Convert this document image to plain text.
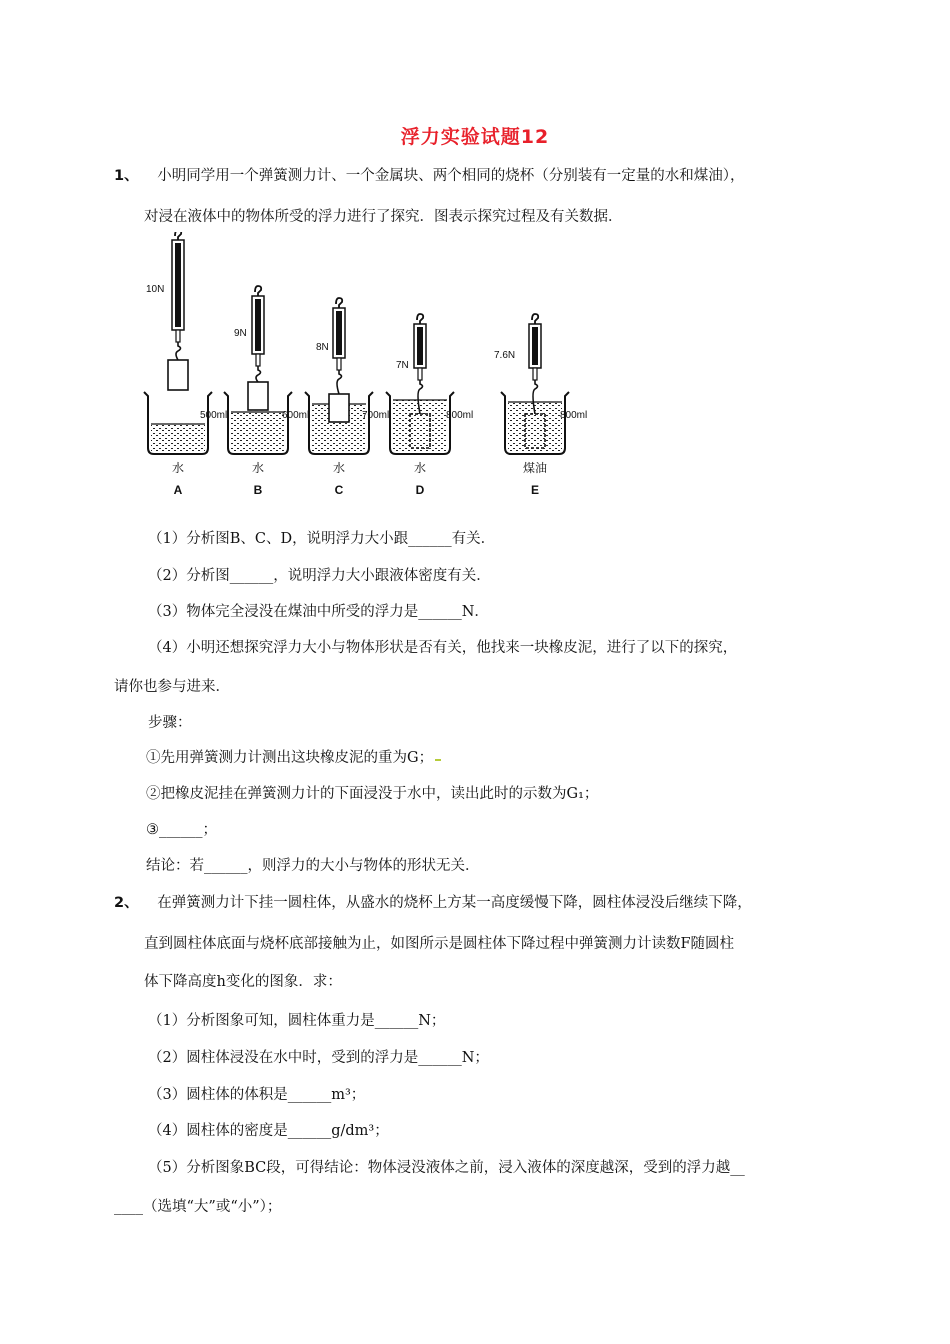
浮力实验试题12
1、 小明同学用一个弹簧测力计、一个金属块、两个相同的烧杯（分别装有一定量的水和煤油），
对浸在液体中的物体所受的浮力进行了探究．图表示探究过程及有关数据．
10N
500ml
水
A
9N
600ml
水
B
8N
700ml
水
C
7N
800ml
水
D
7.6N
800ml
煤油
E
（1）分析图B、C、D，说明浮力大小跟______有关．
（2）分析图______，说明浮力大小跟液体密度有关．
（3）物体完全浸没在煤油中所受的浮力是______N．
（4）小明还想探究浮力大小与物体形状是否有关，他找来一块橡皮泥，进行了以下的探究，
请你也参与进来．
步骤：
①先用弹簧测力计测出这块橡皮泥的重为G；
②把橡皮泥挂在弹簧测力计的下面浸没于水中，读出此时的示数为G₁；
③______；
结论：若______，则浮力的大小与物体的形状无关．
2、 在弹簧测力计下挂一圆柱体，从盛水的烧杯上方某一高度缓慢下降，圆柱体浸没后继续下降，
直到圆柱体底面与烧杯底部接触为止，如图所示是圆柱体下降过程中弹簧测力计读数F随圆柱
体下降高度h变化的图象．求：
（1）分析图象可知，圆柱体重力是______N；
（2）圆柱体浸没在水中时，受到的浮力是______N；
（3）圆柱体的体积是______m³；
（4）圆柱体的密度是______g/dm³；
（5）分析图象BC段，可得结论：物体浸没液体之前，浸入液体的深度越深，受到的浮力越__
____（选填“大”或“小”）；
